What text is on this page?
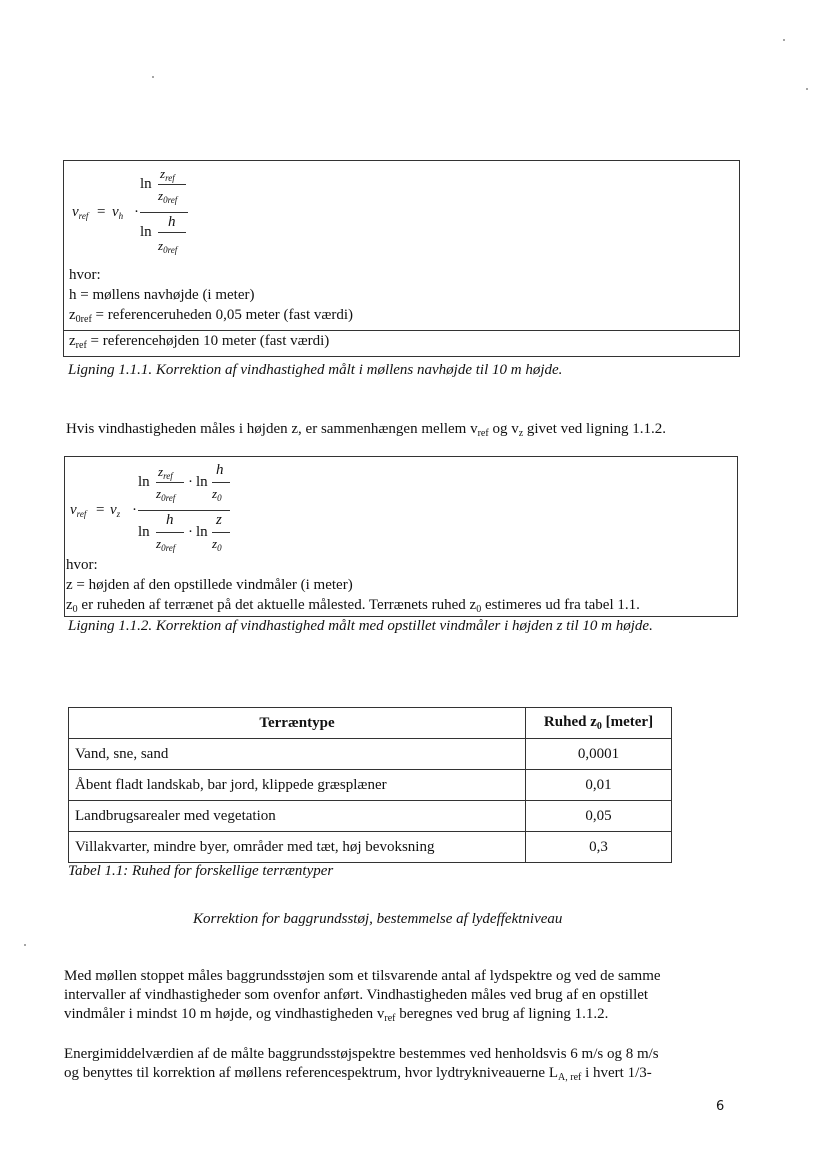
$v_{ref} = v_h$ ·
ln
$z_{ref}$
$z_{0ref}$
h
ln
$z_{0ref}$
hvor:
h = møllens navhøjde (i meter)
$z_{0ref}$ = referenceruheden 0,05 meter (fast værdi)
$z_{ref}$ = referencehøjden 10 meter (fast værdi)
Ligning 1.1.1. Korrektion af vindhastighed målt i møllens navhøjde til 10 m højde.
Hvis vindhastigheden måles i højden z, er sammenhængen mellem $v_{ref}$ og $v_z$ givet ved ligning 1.1.2.
$v_{ref} = v_z$ ·
ln
$z_{ref}$
$z_{0ref}$
· ln
h
$z_0$
ln
h
$z_{0ref}$
· ln
z
$z_0$
hvor:
z = højden af den opstillede vindmåler (i meter)
$z_0$ er ruheden af terrænet på det aktuelle målested. Terrænets ruhed $z_0$ estimeres ud fra tabel 1.1.
Ligning 1.1.2. Korrektion af vindhastighed målt med opstillet vindmåler i højden z til 10 m højde.
Terræntype	Ruhed $z_0$ [meter]
Vand, sne, sand	0,0001
Åbent fladt landskab, bar jord, klippede græsplæner	0,01
Landbrugsarealer med vegetation	0,05
Villakvarter, mindre byer, områder med tæt, høj bevoksning	0,3
Tabel 1.1: Ruhed for forskellige terræntyper
Korrektion for baggrundsstøj, bestemmelse af lydeffektniveau
Med møllen stoppet måles baggrundsstøjen som et tilsvarende antal af lydspektre og ved de samme
intervaller af vindhastigheder som ovenfor anført. Vindhastigheden måles ved brug af en opstillet
vindmåler i mindst 10 m højde, og vindhastigheden $v_{ref}$ beregnes ved brug af ligning 1.1.2.
Energimiddelværdien af de målte baggrundsstøjspektre bestemmes ved henholdsvis 6 m/s og 8 m/s
og benyttes til korrektion af møllens referencespektrum, hvor lydtrykniveauerne $L_{A, ref}$ i hvert 1/3-
6
